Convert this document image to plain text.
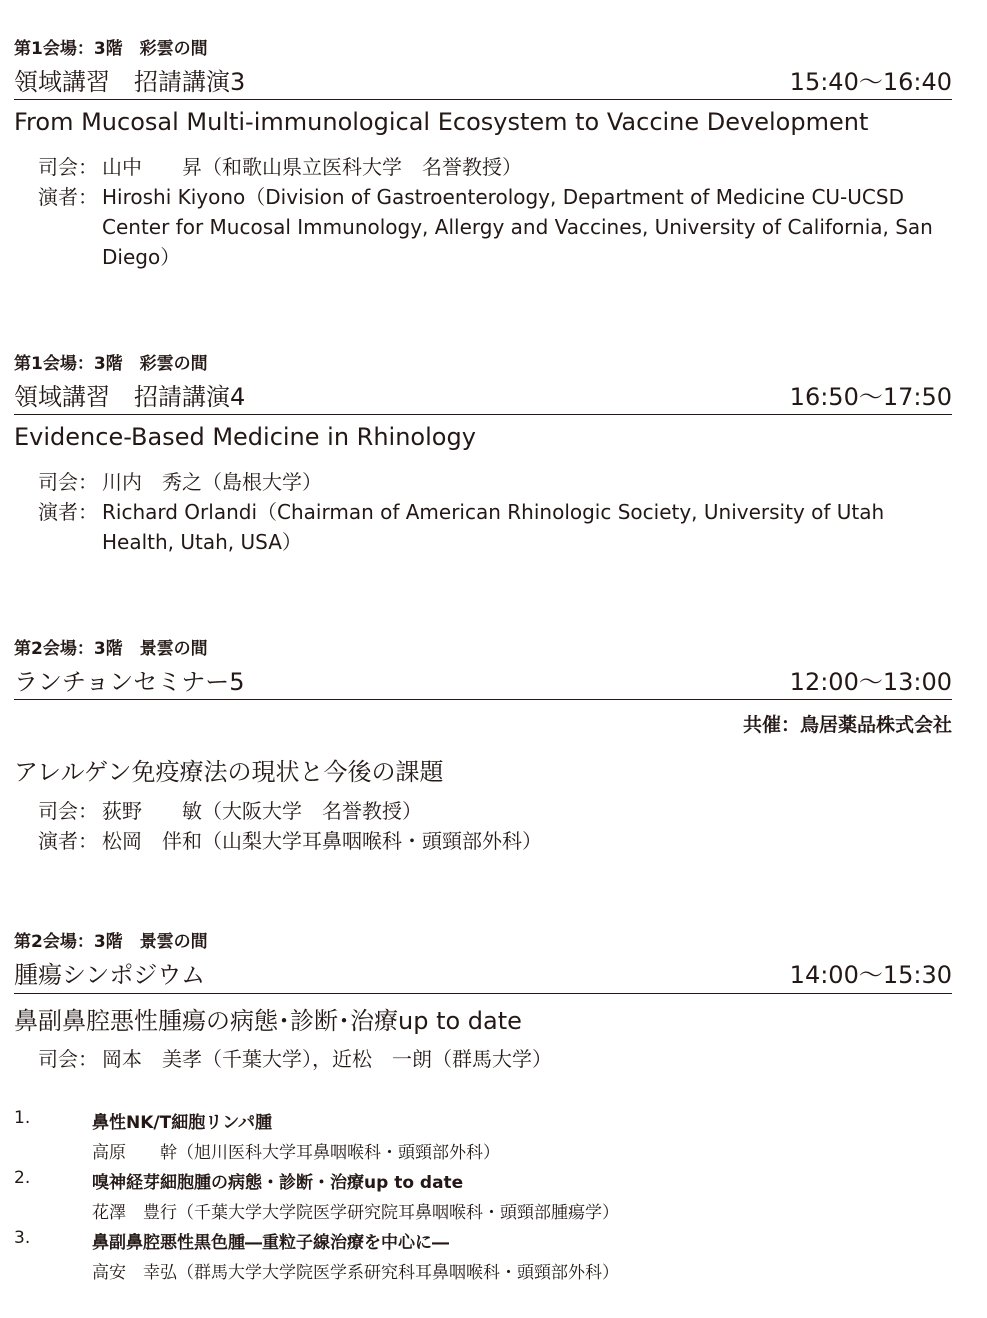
第1会場：3階　彩雲の間
領域講習　招請講演3	15:40〜16:40
From Mucosal Multi-immunological Ecosystem to Vaccine Development
司会： 山中　　昇（和歌山県立医科大学　名誉教授）
演者： Hiroshi Kiyono（Division of Gastroenterology, Department of Medicine CU-UCSD Center for Mucosal Immunology, Allergy and Vaccines, University of California, San Diego）
第1会場：3階　彩雲の間
領域講習　招請講演4	16:50〜17:50
Evidence-Based Medicine in Rhinology
司会： 川内　秀之（島根大学）
演者： Richard Orlandi（Chairman of American Rhinologic Society, University of Utah Health, Utah, USA）
第2会場：3階　景雲の間
ランチョンセミナー5	12:00〜13:00
共催：鳥居薬品株式会社
アレルゲン免疫療法の現状と今後の課題
司会： 荻野　　敏（大阪大学　名誉教授）
演者： 松岡　伴和（山梨大学耳鼻咽喉科・頭頸部外科）
第2会場：3階　景雲の間
腫瘍シンポジウム	14:00〜15:30
鼻副鼻腔悪性腫瘍の病態･診断･治療up to date
司会： 岡本　美孝（千葉大学），近松　一朗（群馬大学）
1.	鼻性NK/T細胞リンパ腫
高原　　幹（旭川医科大学耳鼻咽喉科・頭頸部外科）
2.	嗅神経芽細胞腫の病態・診断・治療up to date
花澤　豊行（千葉大学大学院医学研究院耳鼻咽喉科・頭頸部腫瘍学）
3.	鼻副鼻腔悪性黒色腫―重粒子線治療を中心に―
高安　幸弘（群馬大学大学院医学系研究科耳鼻咽喉科・頭頸部外科）
